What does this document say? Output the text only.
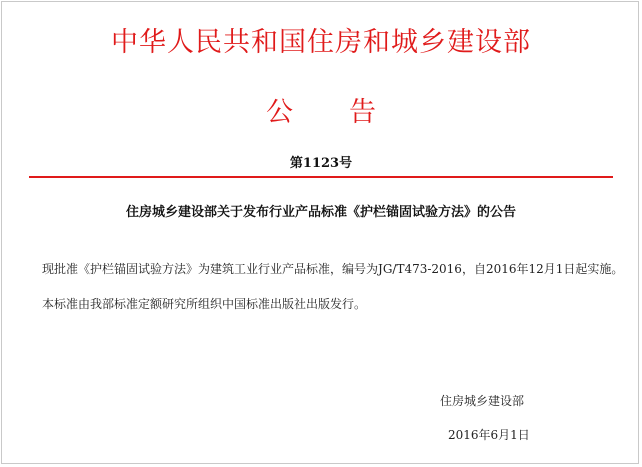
中华人民共和国住房和城乡建设部
公告
第1123号
住房城乡建设部关于发布行业产品标准《护栏锚固试验方法》的公告
现批准《护栏锚固试验方法》为建筑工业行业产品标准，编号为JG/T473-2016，自2016年12月1日起实施。
本标准由我部标准定额研究所组织中国标准出版社出版发行。
住房城乡建设部
2016年6月1日
